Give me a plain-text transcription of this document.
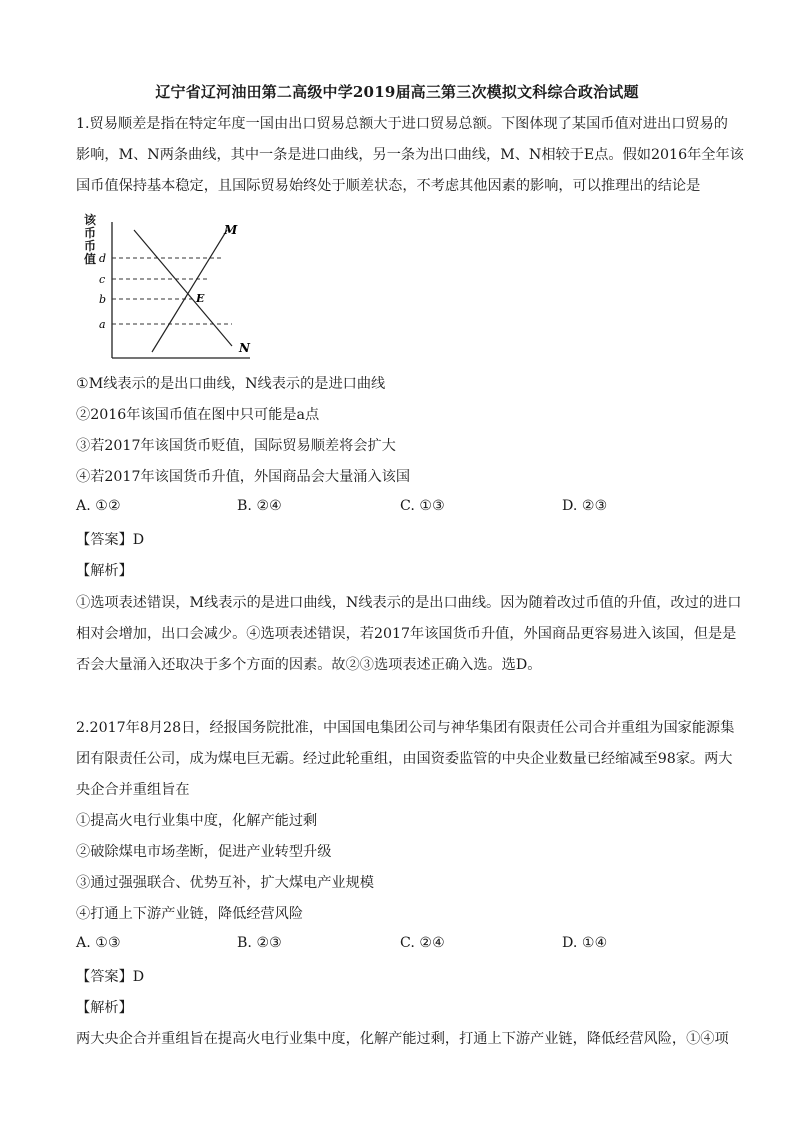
辽宁省辽河油田第二高级中学2019届高三第三次模拟文科综合政治试题
1.贸易顺差是指在特定年度一国由出口贸易总额大于进口贸易总额。下图体现了某国币值对进出口贸易的
影响，M、N两条曲线，其中一条是进口曲线，另一条为出口曲线，M、N相较于E点。假如2016年全年该
国币值保持基本稳定，且国际贸易始终处于顺差状态，不考虑其他因素的影响，可以推理出的结论是
该币币值 d
c
b
a
M
N
E
①M线表示的是出口曲线，N线表示的是进口曲线
②2016年该国币值在图中只可能是a点
③若2017年该国货币贬值，国际贸易顺差将会扩大
④若2017年该国货币升值，外国商品会大量涌入该国
A. ①②	B. ②④	C. ①③	D. ②③
【答案】D
【解析】
①选项表述错误，M线表示的是进口曲线，N线表示的是出口曲线。因为随着改过币值的升值，改过的进口
相对会增加，出口会减少。④选项表述错误，若2017年该国货币升值，外国商品更容易进入该国，但是是
否会大量涌入还取决于多个方面的因素。故②③选项表述正确入选。选D。
2.2017年8月28日，经报国务院批准，中国国电集团公司与神华集团有限责任公司合并重组为国家能源集
团有限责任公司，成为煤电巨无霸。经过此轮重组，由国资委监管的中央企业数量已经缩减至98家。两大
央企合并重组旨在
①提高火电行业集中度，化解产能过剩
②破除煤电市场垄断，促进产业转型升级
③通过强强联合、优势互补，扩大煤电产业规模
④打通上下游产业链，降低经营风险
A. ①③	B. ②③	C. ②④	D. ①④
【答案】D
【解析】
两大央企合并重组旨在提高火电行业集中度，化解产能过剩，打通上下游产业链，降低经营风险，①④项
